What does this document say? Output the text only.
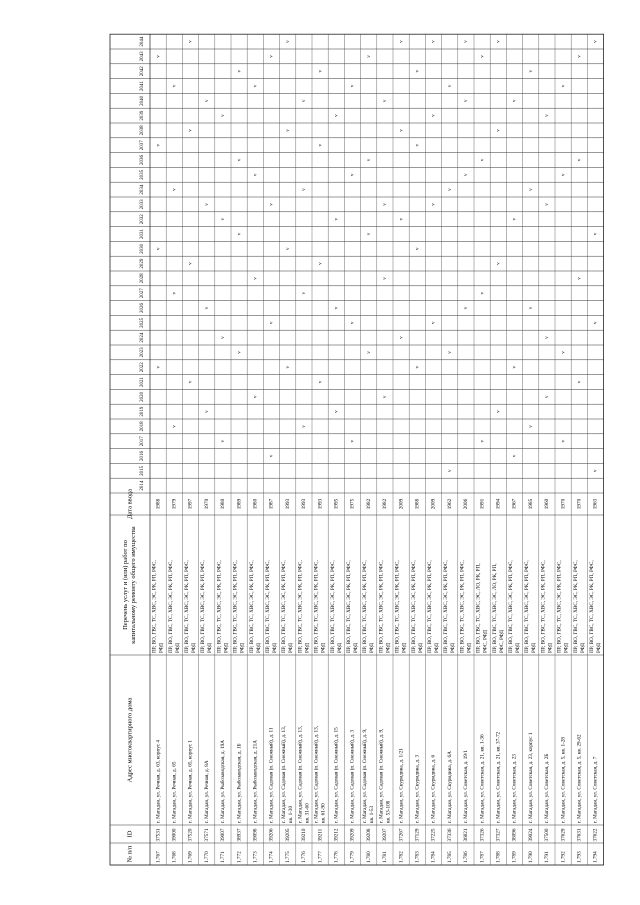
№ п/п
ID
Адрес многоквартирного дома
Перечень услуг и (или) работ покапитальному ремонту общего имущества
Дата ввода
2014
2015
2016
2017
2018
2019
2020
2021
2022
2023
2024
2025
2026
2027
2028
2029
2030
2031
2032
2033
2034
2035
2036
2037
2038
2039
2040
2041
2042
2043
2044
1.767
37531
г. Магадан, ул. Речная, д. 63, корпус 4
ПР, ВО, ГВС, ТС, ХВС, ЭС, РК, РП, РФС,РФД
1988
v
v
v
v
1.768
39000
г. Магадан, ул. Речная, д. 65
ПР, ВО, ГВС, ТС, ХВС, ЭС, РК, РП, РФС,РФД
1979
v
v
v
v
1.769
37520
г. Магадан, ул. Речная, д. 65, корпус 1
ПР, ВО, ГВС, ТС, ХВС, ЭС, РК, РП, РФС,РФД
1997
v
v
v
v
1.770
37571
г. Магадан, ул. Речная, д. 8А
ПР, ВО, ГВС, ТС, ХВС, ЭС, РК, РП, РФС,РФД
1970
v
v
v
v
1.771
39007
г. Магадан, ул. Рыбозаводская, д. 19А
ПР, ВО, ГВС, ТС, ХВС, ЭС, РК, РП, РФС,РФД
1980
v
v
v
v
1.772
38937
г. Магадан, ул. Рыбозаводская, д. 1Б
ПР, ВО, ГВС, ТС, ХВС, ЭС, РК, РП, РФС,РФД
1989
v
v
v
v
1.773
39098
г. Магадан, ул. Рыбозаводская, д. 21А
ПР, ВО, ГВС, ТС, ХВС, ЭС, РК, РП, РФС,РФД
1980
v
v
v
v
1.774
39206
г. Магадан, ул. Садовая (п. Снежный), д. 11
ПР, ВО, ГВС, ТС, ХВС, ЭС, РК, РП, РФС,РФД
1987
v
v
v
v
1.775
39205
г. Магадан, ул. Садовая (п. Снежный), д. 13,кв. 1-30
ПР, ВО, ГВС, ТС, ХВС, ЭС, РК, РП, РФС,РФД
1993
v
v
v
v
1.776
39210
г. Магадан, ул. Садовая (п. Снежный), д. 13,кв. 31-60
ПР, ВО, ГВС, ТС, ХВС, ЭС, РК, РП, РФС,РФД
1993
v
v
v
v
1.777
39211
г. Магадан, ул. Садовая (п. Снежный), д. 13,кв. 61-90
ПР, ВО, ГВС, ТС, ХВС, ЭС, РК, РП, РФС,РФД
1993
v
v
v
v
1.778
39212
г. Магадан, ул. Садовая (п. Снежный), д. 15
ПР, ВО, ГВС, ТС, ХВС, ЭС, РК, РП, РФС,РФД
1995
v
v
v
v
1.779
39209
г. Магадан, ул. Садовая (п. Снежный), д. 3
ПР, ВО, ГВС, ТС, ХВС, ЭС, РК, РП, РФС,РФД
1975
v
v
v
v
1.780
39208
г. Магадан, ул. Садовая (п. Снежный), д. 9,кв. 1-53
ПР, ВО, ГВС, ТС, ХВС, ЭС, РК, РП, РФС,РФД
1982
v
v
v
v
1.781
39207
г. Магадан, ул. Садовая (п. Снежный), д. 9,кв. 53-108
ПР, ВО, ГВС, ТС, ХВС, ЭС, РК, РП, РФС,РФД
1982
v
v
v
v
1.782
37267
г. Магадан, ул. Скуридина, д. 1/21
ПР, ВО, ГВС, ТС, ХВС, ЭС, РК, РП, РФС,РФД
2009
v
v
v
v
1.783
37129
г. Магадан, ул. Скуридина, д. 3
ПР, ВО, ГВС, ТС, ХВС, ЭС, РК, РП, РФС,РФД
1988
v
v
v
v
1.784
37225
г. Магадан, ул. Скуридина, д. 6
ПР, ВО, ГВС, ТС, ХВС, ЭС, РК, РП, РФС,РФД
2009
v
v
v
v
1.785
37336
г. Магадан, ул. Скуридина, д. 6А
ПР, ВО, ГВС, ТС, ХВС, ЭС, РК, РП, РФС,РФД
1962
v
v
v
v
1.786
36821
г. Магадан, ул. Советская, д. 19/1
ПР, ВО, ГВС, ТС, ХВС, ЭС, РК, РП, РФС,РФД
2006
v
v
v
v
1.787
37326
г. Магадан, ул. Советская, д. 21, кв. 1-36
ПР, ВО, ГВС, ТС, ХВС, ЭС, ЛО, РК, РП,РФС, РФД
1991
v
v
v
v
1.788
37327
г. Магадан, ул. Советская, д. 21, кв. 37-72
ПР, ВО, ГВС, ТС, ХВС, ЭС, ЛО, РК, РП,РФС, РФД
1994
v
v
v
v
1.789
38096
г. Магадан, ул. Советская, д. 23
ПР, ВО, ГВС, ТС, ХВС, ЭС, РК, РП, РФС,РФД
1967
v
v
v
v
1.790
39024
г. Магадан, ул. Советская, д. 23, корпус 1
ПР, ВО, ГВС, ТС, ХВС, ЭС, РК, РП, РФС,РФД
1985
v
v
v
v
1.791
37500
г. Магадан, ул. Советская, д. 2Б
ПР, ВО, ГВС, ТС, ХВС, ЭС, РК, РП, РФС,РФД
1960
v
v
v
v
1.792
37629
г. Магадан, ул. Советская, д. 5, кв. 1-28
ПР, ВО, ГВС, ТС, ХВС, ЭС, РК, РП, РФС,РФД
1970
v
v
v
v
1.793
37631
г. Магадан, ул. Советская, д. 5, кв. 29-62
ПР, ВО, ГВС, ТС, ХВС, ЭС, РК, РП, РФС,РФД
1970
v
v
v
v
1.794
37622
г. Магадан, ул. Советская, д. 7
ПР, ВО, ГВС, ТС, ХВС, ЭС, РК, РП, РФС,РФД
1963
v
v
v
v
